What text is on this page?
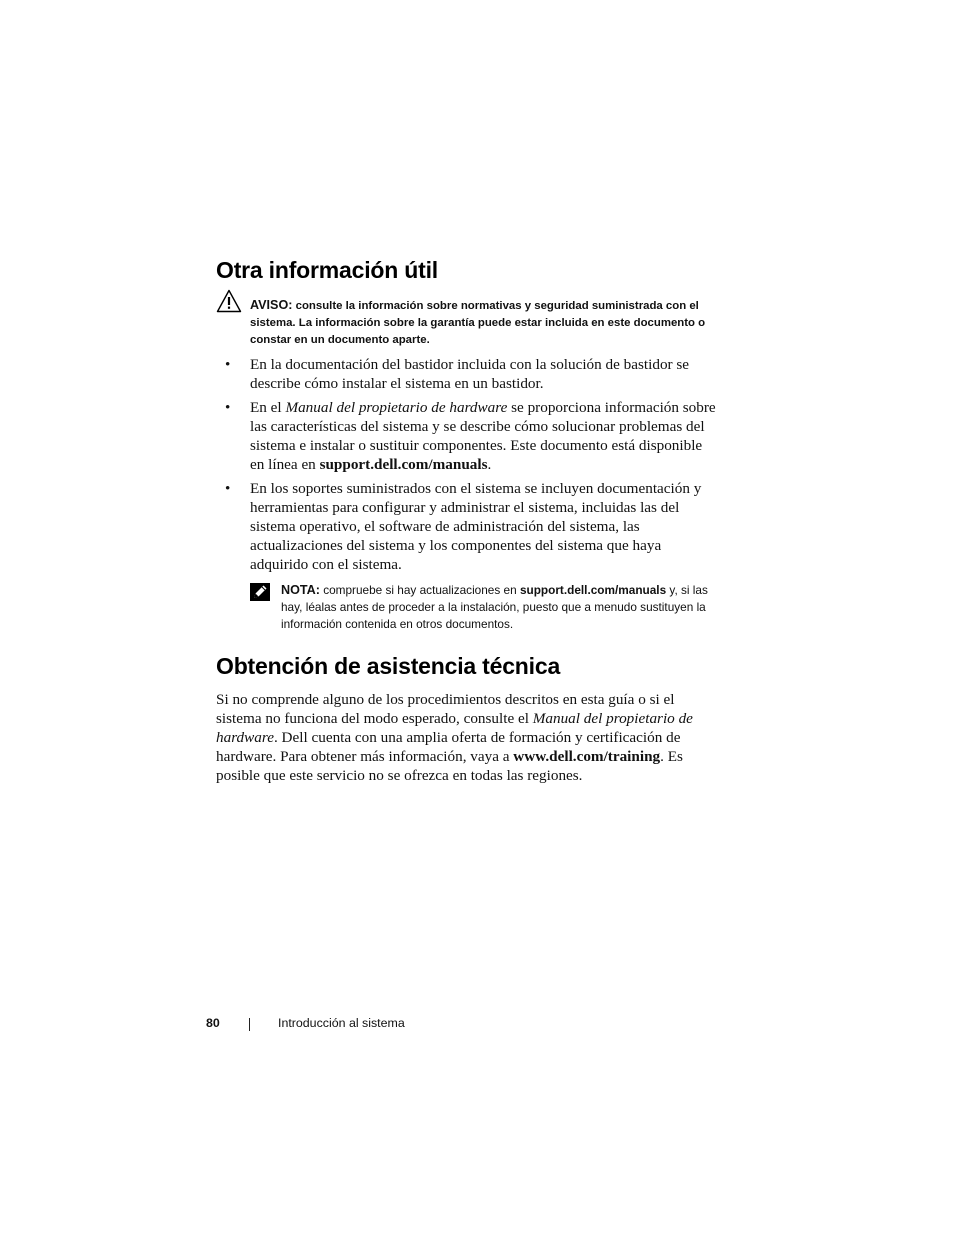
Otra información útil
AVISO: consulte la información sobre normativas y seguridad suministrada con el sistema. La información sobre la garantía puede estar incluida en este documento o constar en un documento aparte.
• En la documentación del bastidor incluida con la solución de bastidor se describe cómo instalar el sistema en un bastidor.
• En el Manual del propietario de hardware se proporciona información sobre las características del sistema y se describe cómo solucionar problemas del sistema e instalar o sustituir componentes. Este documento está disponible en línea en support.dell.com/manuals.
• En los soportes suministrados con el sistema se incluyen documentación y herramientas para configurar y administrar el sistema, incluidas las del sistema operativo, el software de administración del sistema, las actualizaciones del sistema y los componentes del sistema que haya adquirido con el sistema.
NOTA: compruebe si hay actualizaciones en support.dell.com/manuals y, si las hay, léalas antes de proceder a la instalación, puesto que a menudo sustituyen la información contenida en otros documentos.
Obtención de asistencia técnica

Si no comprende alguno de los procedimientos descritos en esta guía o si el sistema no funciona del modo esperado, consulte el Manual del propietario de hardware. Dell cuenta con una amplia oferta de formación y certificación de hardware. Para obtener más información, vaya a www.dell.com/training. Es posible que este servicio no se ofrezca en todas las regiones.

80	Introducción al sistema
